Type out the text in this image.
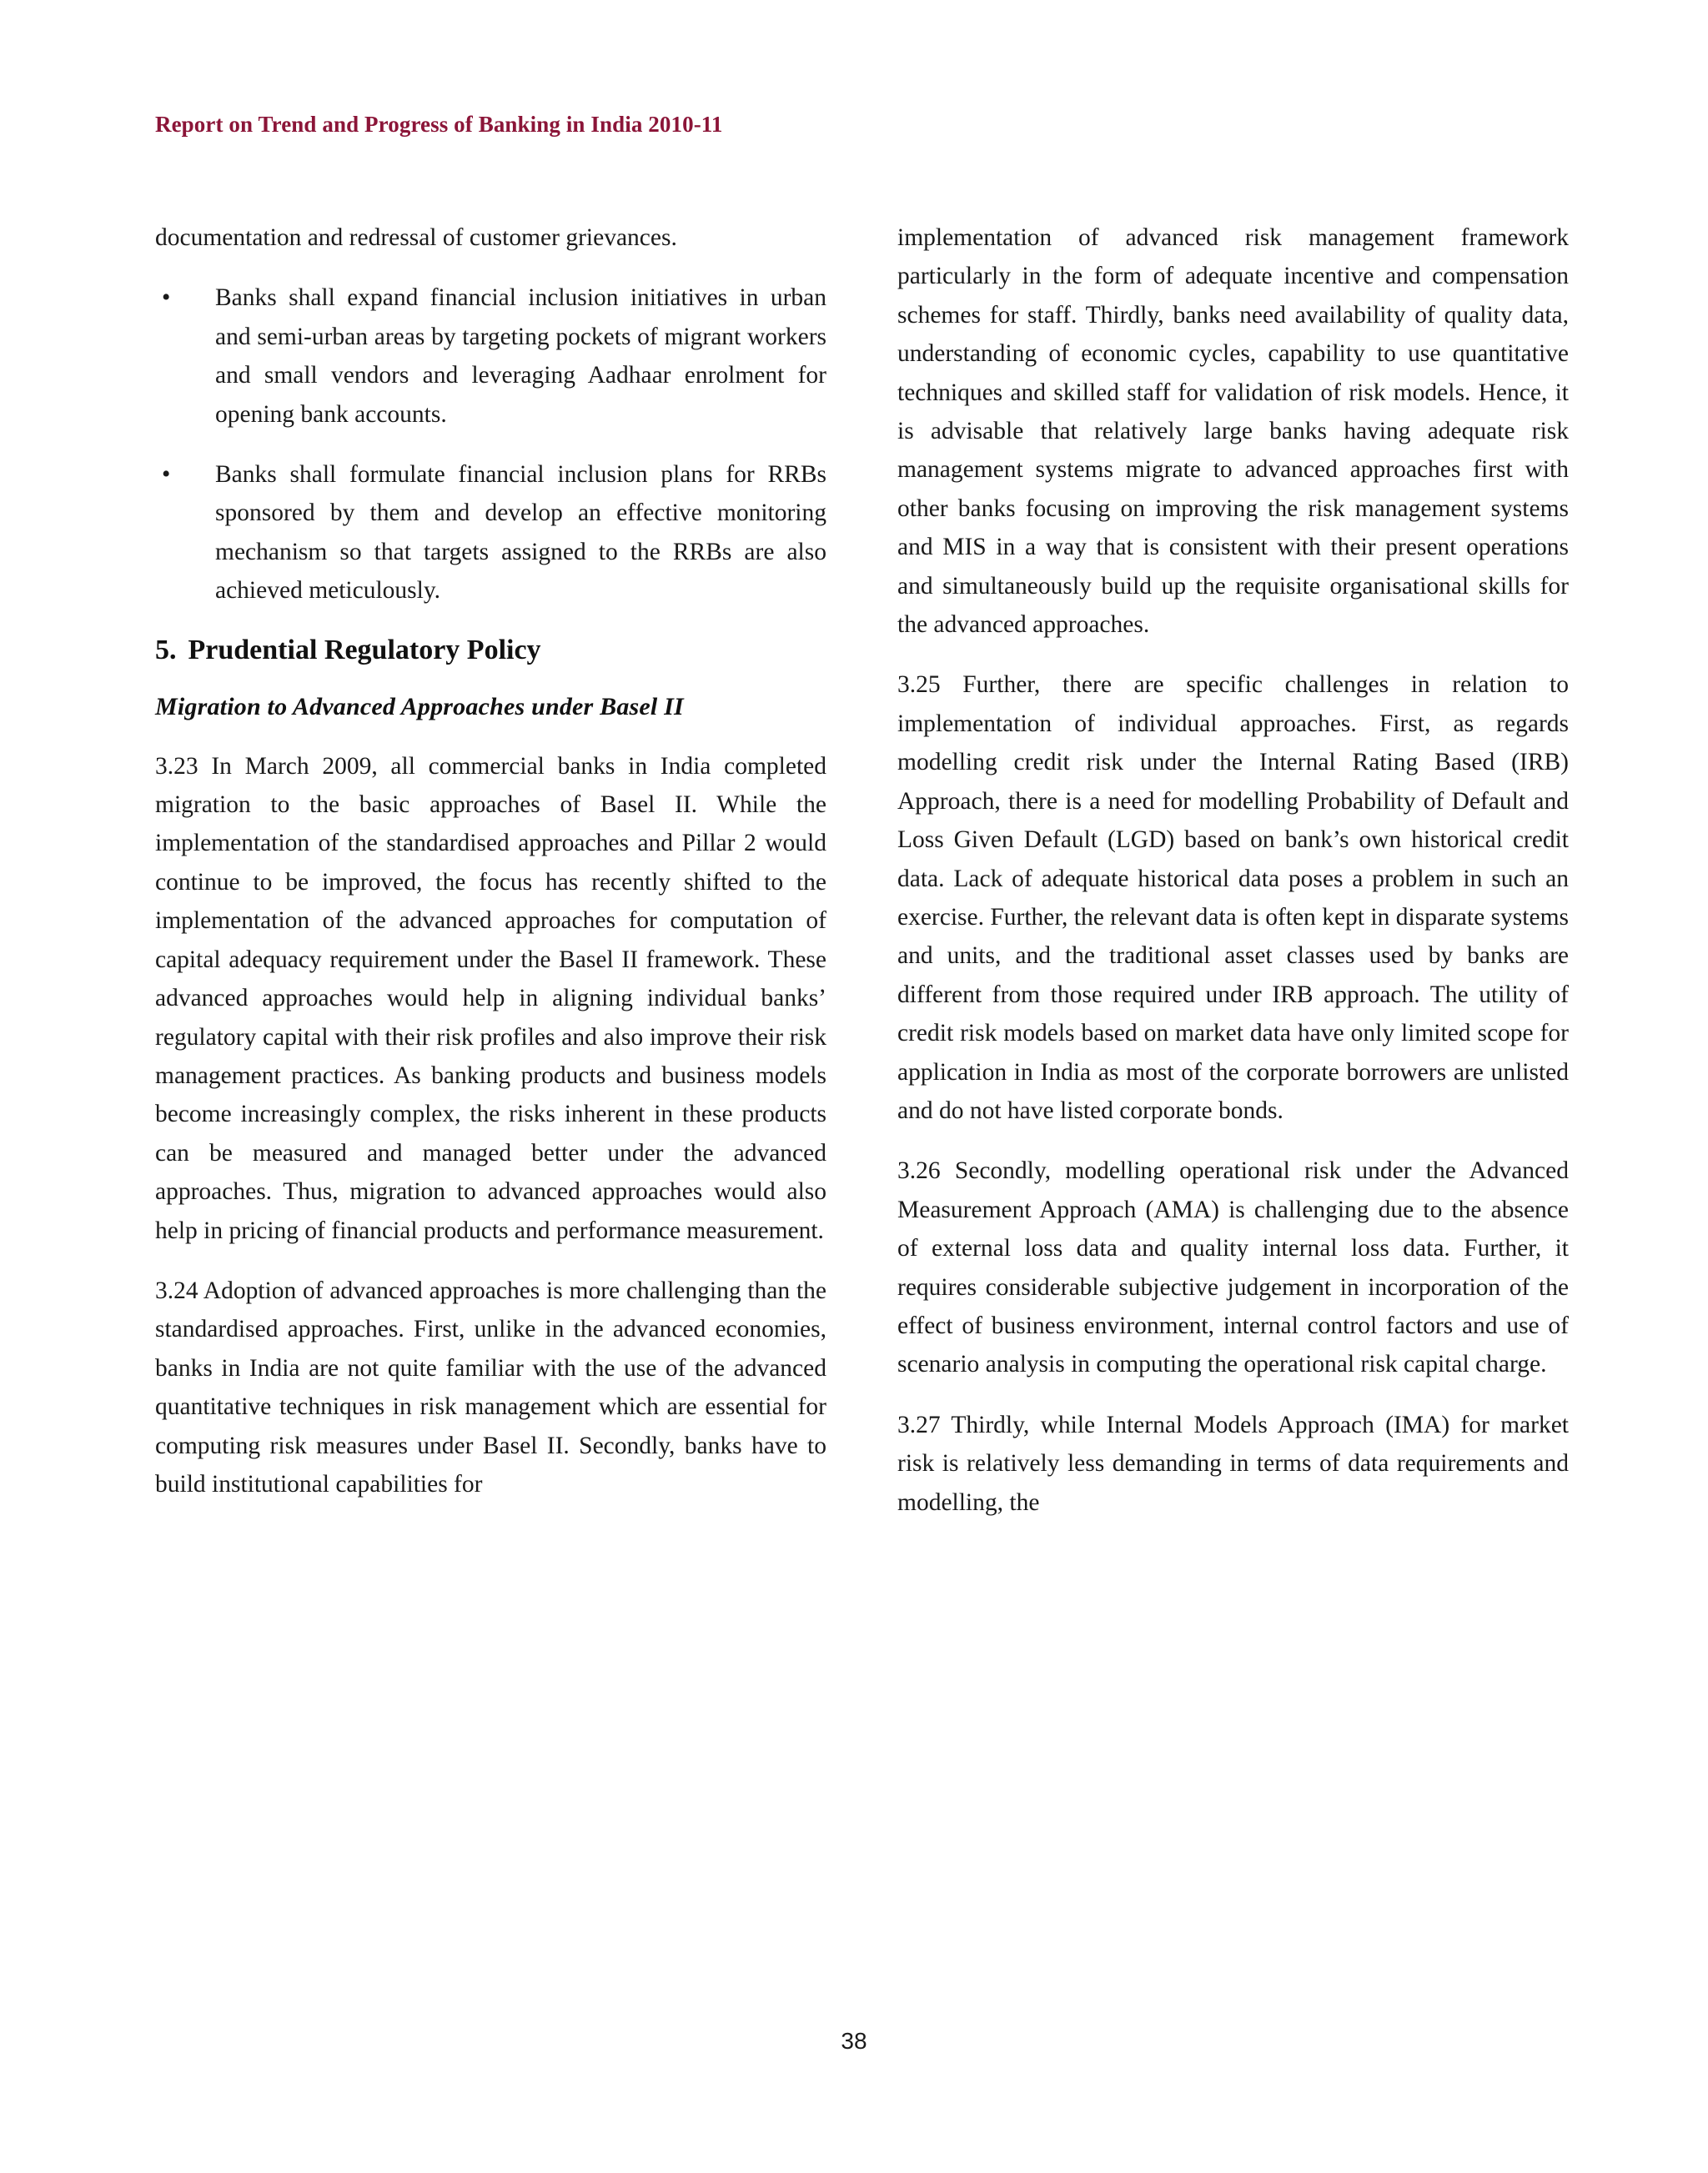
Report on Trend and Progress of Banking in India 2010-11

documentation and redressal of customer grievances.

• Banks shall expand financial inclusion initiatives in urban and semi-urban areas by targeting pockets of migrant workers and small vendors and leveraging Aadhaar enrolment for opening bank accounts.
• Banks shall formulate financial inclusion plans for RRBs sponsored by them and develop an effective monitoring mechanism so that targets assigned to the RRBs are also achieved meticulously.
5. Prudential Regulatory Policy
Migration to Advanced Approaches under Basel II

3.23 In March 2009, all commercial banks in India completed migration to the basic approaches of Basel II. While the implementation of the standardised approaches and Pillar 2 would continue to be improved, the focus has recently shifted to the implementation of the advanced approaches for computation of capital adequacy requirement under the Basel II framework. These advanced approaches would help in aligning individual banks’ regulatory capital with their risk profiles and also improve their risk management practices. As banking products and business models become increasingly complex, the risks inherent in these products can be measured and managed better under the advanced approaches. Thus, migration to advanced approaches would also help in pricing of financial products and performance measurement.

3.24 Adoption of advanced approaches is more challenging than the standardised approaches. First, unlike in the advanced economies, banks in India are not quite familiar with the use of the advanced quantitative techniques in risk management which are essential for computing risk measures under Basel II. Secondly, banks have to build institutional capabilities for

implementation of advanced risk management framework particularly in the form of adequate incentive and compensation schemes for staff. Thirdly, banks need availability of quality data, understanding of economic cycles, capability to use quantitative techniques and skilled staff for validation of risk models. Hence, it is advisable that relatively large banks having adequate risk management systems migrate to advanced approaches first with other banks focusing on improving the risk management systems and MIS in a way that is consistent with their present operations and simultaneously build up the requisite organisational skills for the advanced approaches.

3.25 Further, there are specific challenges in relation to implementation of individual approaches. First, as regards modelling credit risk under the Internal Rating Based (IRB) Approach, there is a need for modelling Probability of Default and Loss Given Default (LGD) based on bank’s own historical credit data. Lack of adequate historical data poses a problem in such an exercise. Further, the relevant data is often kept in disparate systems and units, and the traditional asset classes used by banks are different from those required under IRB approach. The utility of credit risk models based on market data have only limited scope for application in India as most of the corporate borrowers are unlisted and do not have listed corporate bonds.

3.26 Secondly, modelling operational risk under the Advanced Measurement Approach (AMA) is challenging due to the absence of external loss data and quality internal loss data. Further, it requires considerable subjective judgement in incorporation of the effect of business environment, internal control factors and use of scenario analysis in computing the operational risk capital charge.

3.27 Thirdly, while Internal Models Approach (IMA) for market risk is relatively less demanding in terms of data requirements and modelling, the

38
